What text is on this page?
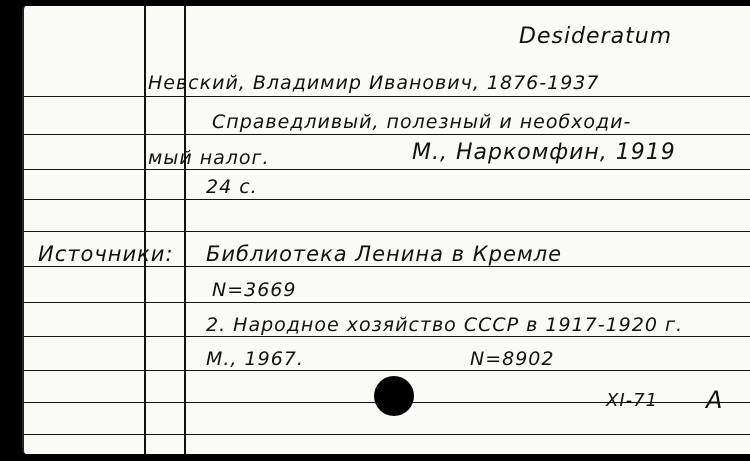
Desideratum
Невский, Владимир Иванович, 1876-1937
Справедливый, полезный и необходи-
мый налог.	М., Наркомфин, 1919
24 с.
Источники: Библиотека Ленина в Кремле
N=3669
2. Народное хозяйство СССР в 1917-1920 г.
М., 1967.	N=8902
XI-71 A
